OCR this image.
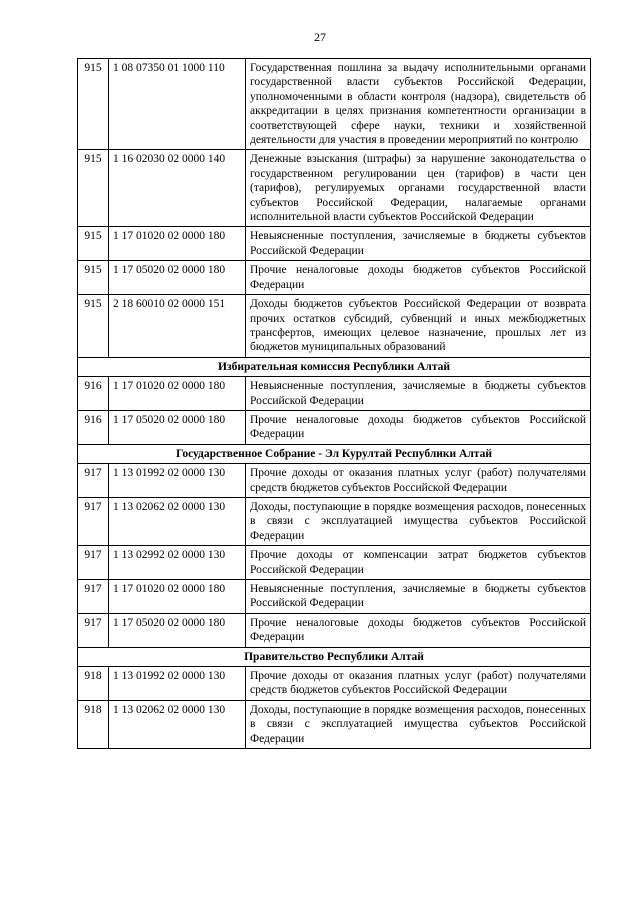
27
915	1 08 07350 01 1000 110	Государственная пошлина за выдачу исполнительными органами государственной власти субъектов Российской Федерации, уполномоченными в области контроля (надзора), свидетельств об аккредитации в целях признания компетентности организации в соответствующей сфере науки, техники и хозяйственной деятельности для участия в проведении мероприятий по контролю
915	1 16 02030 02 0000 140	Денежные взыскания (штрафы) за нарушение законодательства о государственном регулировании цен (тарифов) в части цен (тарифов), регулируемых органами государственной власти субъектов Российской Федерации, налагаемые органами исполнительной власти субъектов Российской Федерации
915	1 17 01020 02 0000 180	Невыясненные поступления, зачисляемые в бюджеты субъектов Российской Федерации
915	1 17 05020 02 0000 180	Прочие неналоговые доходы бюджетов субъектов Российской Федерации
915	2 18 60010 02 0000 151	Доходы бюджетов субъектов Российской Федерации от возврата прочих остатков субсидий, субвенций и иных межбюджетных трансфертов, имеющих целевое назначение, прошлых лет из бюджетов муниципальных образований
Избирательная комиссия Республики Алтай		
916	1 17 01020 02 0000 180	Невыясненные поступления, зачисляемые в бюджеты субъектов Российской Федерации
916	1 17 05020 02 0000 180	Прочие неналоговые доходы бюджетов субъектов Российской Федерации
Государственное Собрание - Эл Курултай Республики Алтай		
917	1 13 01992 02 0000 130	Прочие доходы от оказания платных услуг (работ) получателями средств бюджетов субъектов Российской Федерации
917	1 13 02062 02 0000 130	Доходы, поступающие в порядке возмещения расходов, понесенных в связи с эксплуатацией имущества субъектов Российской Федерации
917	1 13 02992 02 0000 130	Прочие доходы от компенсации затрат бюджетов субъектов Российской Федерации
917	1 17 01020 02 0000 180	Невыясненные поступления, зачисляемые в бюджеты субъектов Российской Федерации
917	1 17 05020 02 0000 180	Прочие неналоговые доходы бюджетов субъектов Российской Федерации
Правительство Республики Алтай		
918	1 13 01992 02 0000 130	Прочие доходы от оказания платных услуг (работ) получателями средств бюджетов субъектов Российской Федерации
918	1 13 02062 02 0000 130	Доходы, поступающие в порядке возмещения расходов, понесенных в связи с эксплуатацией имущества субъектов Российской Федерации
